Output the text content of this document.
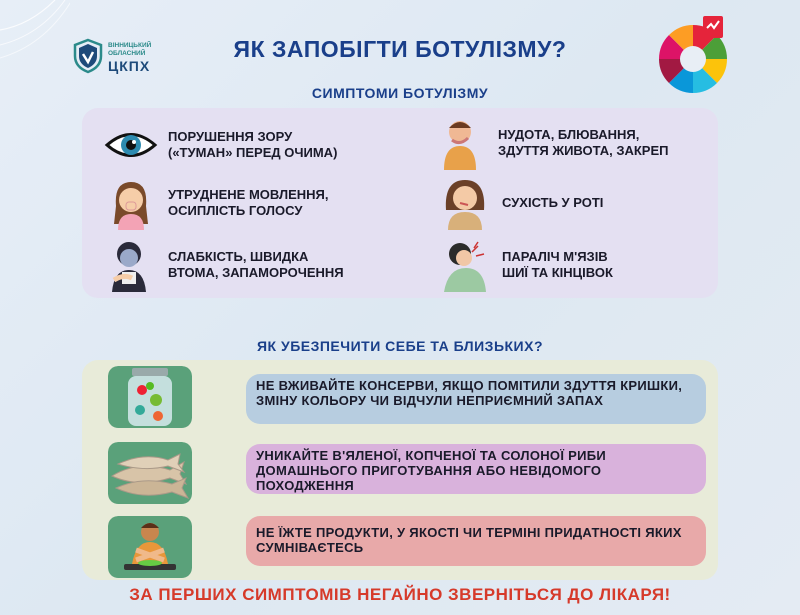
ВІННИЦЬКИЙ ОБЛАСНИЙ
ЦКПХ
ЯК ЗАПОБІГТИ БОТУЛІЗМУ?
СИМПТОМИ БОТУЛІЗМУ
ПОРУШЕННЯ ЗОРУ
(«ТУМАН» ПЕРЕД ОЧИМА)
УТРУДНЕНЕ МОВЛЕННЯ,
ОСИПЛІСТЬ ГОЛОСУ
СЛАБКІСТЬ, ШВИДКА
ВТОМА, ЗАПАМОРОЧЕННЯ
НУДОТА, БЛЮВАННЯ,
ЗДУТТЯ ЖИВОТА, ЗАКРЕП
СУХІСТЬ У РОТІ
ПАРАЛІЧ М'ЯЗІВ
ШИЇ ТА КІНЦІВОК
ЯК УБЕЗПЕЧИТИ СЕБЕ ТА БЛИЗЬКИХ?
НЕ ВЖИВАЙТЕ КОНСЕРВИ, ЯКЩО ПОМІТИЛИ ЗДУТТЯ КРИШКИ, ЗМІНУ КОЛЬОРУ ЧИ ВІДЧУЛИ НЕПРИЄМНИЙ ЗАПАХ
УНИКАЙТЕ В'ЯЛЕНОЇ, КОПЧЕНОЇ ТА СОЛОНОЇ РИБИ ДОМАШНЬОГО ПРИГОТУВАННЯ АБО НЕВІДОМОГО ПОХОДЖЕННЯ
НЕ ЇЖТЕ ПРОДУКТИ, У ЯКОСТІ ЧИ ТЕРМІНІ ПРИДАТНОСТІ ЯКИХ СУМНІВАЄТЕСЬ
ЗА ПЕРШИХ СИМПТОМІВ НЕГАЙНО ЗВЕРНІТЬСЯ ДО ЛІКАРЯ!
